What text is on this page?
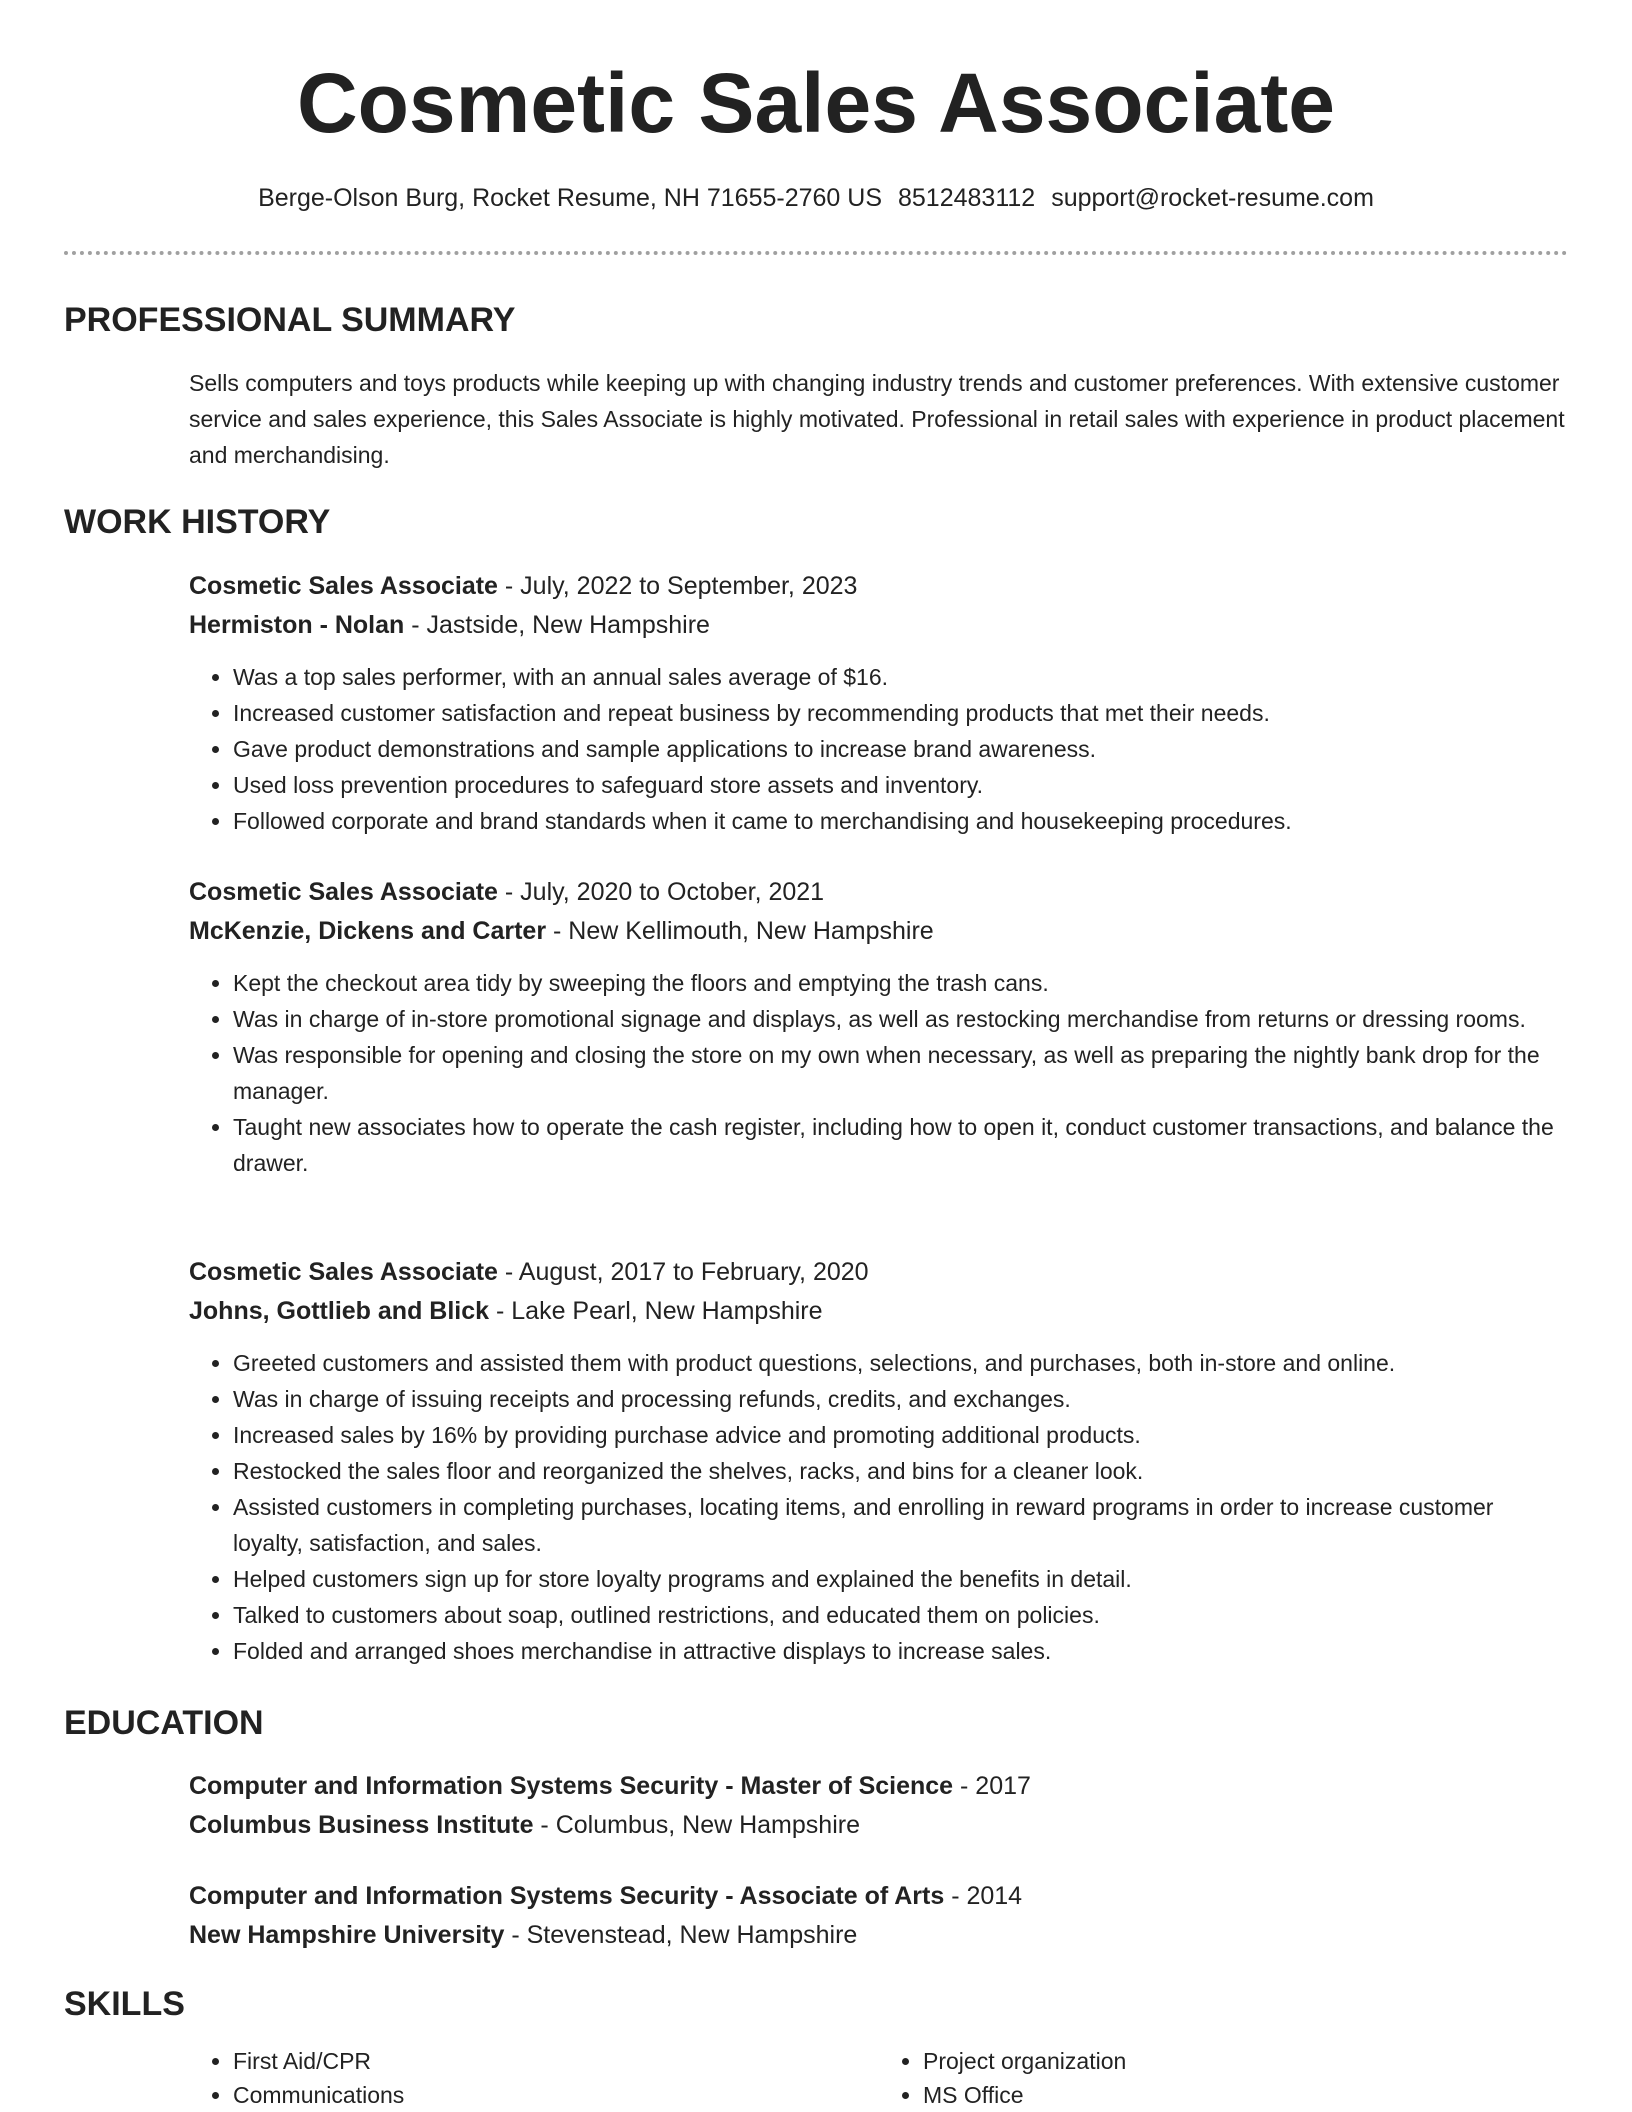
Cosmetic Sales Associate
Berge-Olson Burg, Rocket Resume, NH 71655-2760 US 8512483112 support@rocket-resume.com
PROFESSIONAL SUMMARY

Sells computers and toys products while keeping up with changing industry trends and customer preferences. With extensive customer service and sales experience, this Sales Associate is highly motivated. Professional in retail sales with experience in product placement and merchandising.

WORK HISTORY
Cosmetic Sales Associate - July, 2022 to September, 2023
Hermiston - Nolan - Jastside, New Hampshire
• Was a top sales performer, with an annual sales average of $16.
• Increased customer satisfaction and repeat business by recommending products that met their needs.
• Gave product demonstrations and sample applications to increase brand awareness.
• Used loss prevention procedures to safeguard store assets and inventory.
• Followed corporate and brand standards when it came to merchandising and housekeeping procedures.
Cosmetic Sales Associate - July, 2020 to October, 2021
McKenzie, Dickens and Carter - New Kellimouth, New Hampshire
• Kept the checkout area tidy by sweeping the floors and emptying the trash cans.
• Was in charge of in-store promotional signage and displays, as well as restocking merchandise from returns or dressing rooms.
• Was responsible for opening and closing the store on my own when necessary, as well as preparing the nightly bank drop for the manager.
• Taught new associates how to operate the cash register, including how to open it, conduct customer transactions, and balance the drawer.
Cosmetic Sales Associate - August, 2017 to February, 2020
Johns, Gottlieb and Blick - Lake Pearl, New Hampshire
• Greeted customers and assisted them with product questions, selections, and purchases, both in-store and online.
• Was in charge of issuing receipts and processing refunds, credits, and exchanges.
• Increased sales by 16% by providing purchase advice and promoting additional products.
• Restocked the sales floor and reorganized the shelves, racks, and bins for a cleaner look.
• Assisted customers in completing purchases, locating items, and enrolling in reward programs in order to increase customer loyalty, satisfaction, and sales.
• Helped customers sign up for store loyalty programs and explained the benefits in detail.
• Talked to customers about soap, outlined restrictions, and educated them on policies.
• Folded and arranged shoes merchandise in attractive displays to increase sales.
EDUCATION
Computer and Information Systems Security - Master of Science - 2017
Columbus Business Institute - Columbus, New Hampshire
Computer and Information Systems Security - Associate of Arts - 2014
New Hampshire University - Stevenstead, New Hampshire
SKILLS
• First Aid/CPR
• Communications
• Project organization
• MS Office
